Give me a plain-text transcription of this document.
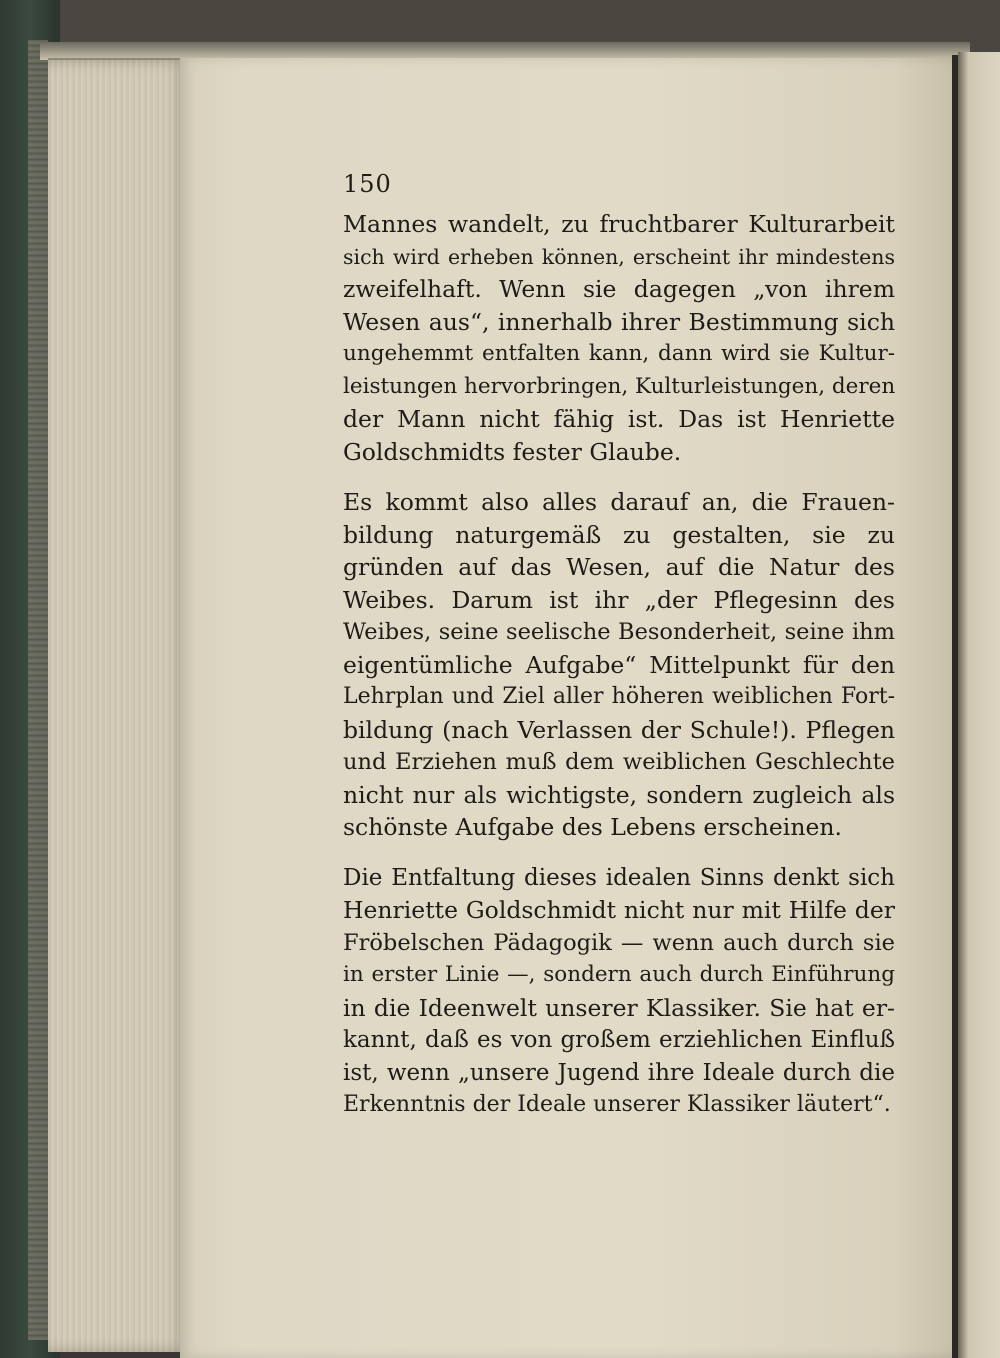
150
Mannes wandelt, zu fruchtbarer Kulturarbeit
sich wird erheben können, erscheint ihr mindestens
zweifelhaft. Wenn sie dagegen „von ihrem
Wesen aus“, innerhalb ihrer Bestimmung sich
ungehemmt entfalten kann, dann wird sie Kultur-
leistungen hervorbringen, Kulturleistungen, deren
der Mann nicht fähig ist. Das ist Henriette
Goldschmidts fester Glaube.
Es kommt also alles darauf an, die Frauen-
bildung naturgemäß zu gestalten, sie zu
gründen auf das Wesen, auf die Natur des
Weibes. Darum ist ihr „der Pflegesinn des
Weibes, seine seelische Besonderheit, seine ihm
eigentümliche Aufgabe“ Mittelpunkt für den
Lehrplan und Ziel aller höheren weiblichen Fort-
bildung (nach Verlassen der Schule!). Pflegen
und Erziehen muß dem weiblichen Geschlechte
nicht nur als wichtigste, sondern zugleich als
schönste Aufgabe des Lebens erscheinen.
Die Entfaltung dieses idealen Sinns denkt sich
Henriette Goldschmidt nicht nur mit Hilfe der
Fröbelschen Pädagogik — wenn auch durch sie
in erster Linie —, sondern auch durch Einführung
in die Ideenwelt unserer Klassiker. Sie hat er-
kannt, daß es von großem erziehlichen Einfluß
ist, wenn „unsere Jugend ihre Ideale durch die
Erkenntnis der Ideale unserer Klassiker läutert“.
